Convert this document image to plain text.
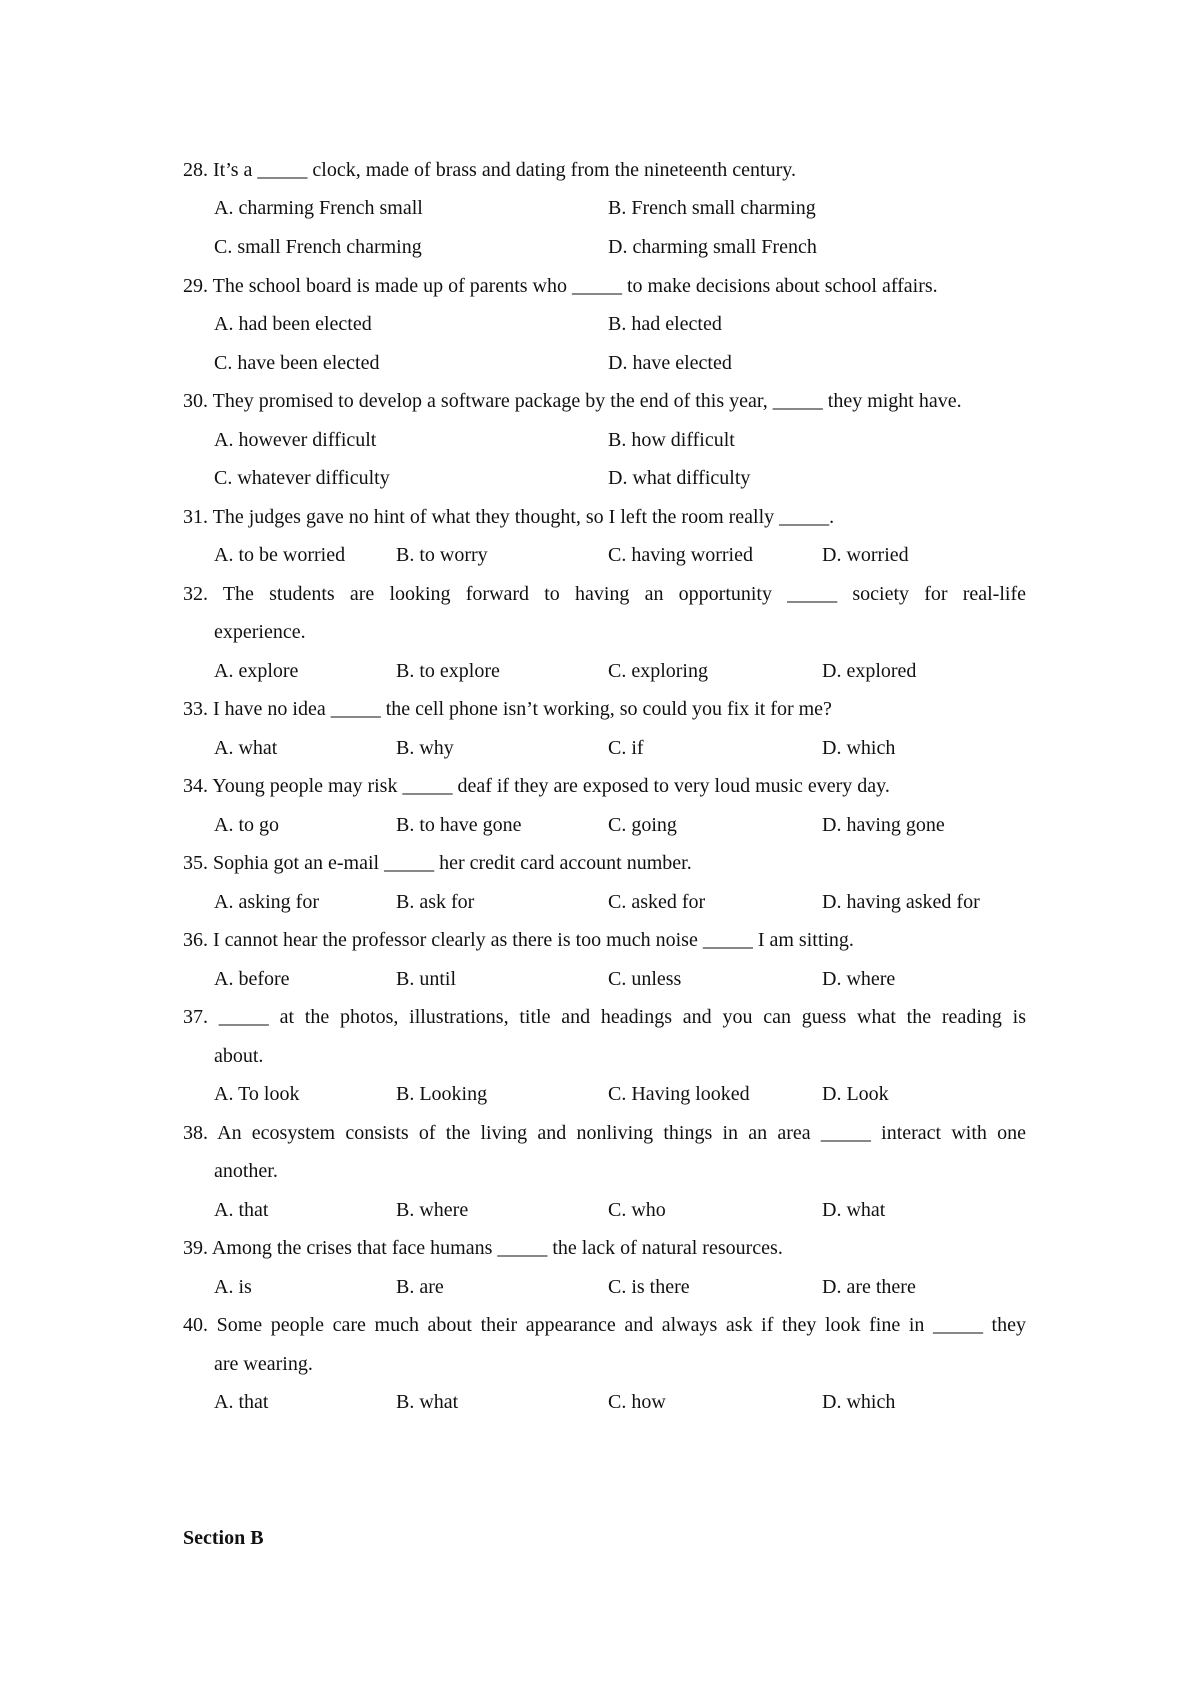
28. It’s a _____ clock, made of brass and dating from the nineteenth century.
A. charming French small	B. French small charming
C. small French charming	D. charming small French
29. The school board is made up of parents who _____ to make decisions about school affairs.
A. had been elected	B. had elected
C. have been elected	D. have elected
30. They promised to develop a software package by the end of this year, _____ they might have.
A. however difficult	B. how difficult
C. whatever difficulty	D. what difficulty
31. The judges gave no hint of what they thought, so I left the room really _____.
A. to be worried	B. to worry	C. having worried	D. worried
32. The students are looking forward to having an opportunity _____ society for real-life
experience.
A. explore	B. to explore	C. exploring	D. explored
33. I have no idea _____ the cell phone isn’t working, so could you fix it for me?
A. what	B. why	C. if	D. which
34. Young people may risk _____ deaf if they are exposed to very loud music every day.
A. to go	B. to have gone	C. going	D. having gone
35. Sophia got an e-mail _____ her credit card account number.
A. asking for	B. ask for	C. asked for	D. having asked for
36. I cannot hear the professor clearly as there is too much noise _____ I am sitting.
A. before	B. until	C. unless	D. where
37. _____ at the photos, illustrations, title and headings and you can guess what the reading is
about.
A. To look	B. Looking	C. Having looked	D. Look
38. An ecosystem consists of the living and nonliving things in an area _____ interact with one
another.
A. that	B. where	C. who	D. what
39. Among the crises that face humans _____ the lack of natural resources.
A. is	B. are	C. is there	D. are there
40. Some people care much about their appearance and always ask if they look fine in _____ they
are wearing.
A. that	B. what	C. how	D. which
Section B
